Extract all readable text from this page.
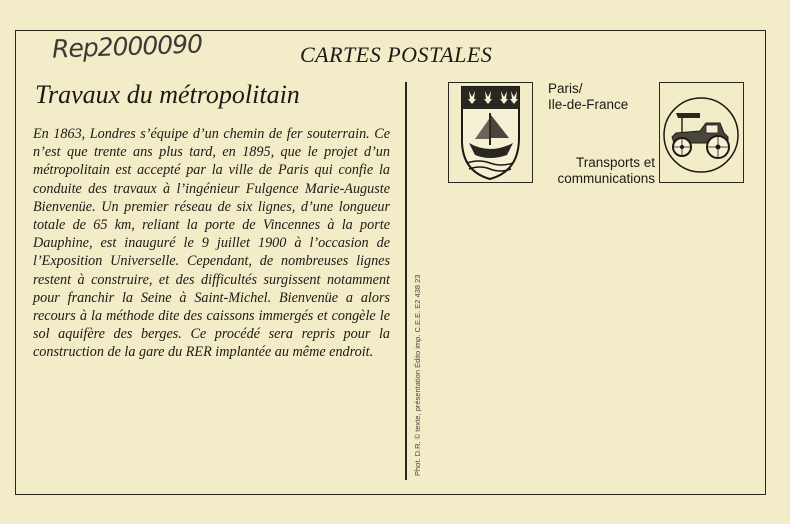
Rep2000090	CARTES POSTALES
Travaux du métropolitain
En 1863, Londres s’équipe d’un chemin de fer souterrain. Ce n’est que trente ans plus tard, en 1895, que le projet d’un métropolitain est accepté par la ville de Paris qui confie la conduite des travaux à l’ingénieur Fulgence Marie-Auguste Bienvenüe. Un premier réseau de six lignes, d’une longueur totale de 65 km, reliant la porte de Vincennes à la porte Dauphine, est inauguré le 9 juillet 1900 à l’occasion de l’Exposition Universelle. Cependant, de nombreuses lignes restent à construire, et des difficultés surgissent notamment pour franchir la Seine à Saint-Michel. Bienvenüe a alors recours à la méthode dite des caissons immergés et congèle le sol aquifère des berges. Ce procédé sera repris pour la construction de la gare du RER implantée au même endroit.	Phot. D.R. © texte, présentation Édito imp. C.E.E. E2 438 23
Paris/
Ile-de-France
Transports et
communications
